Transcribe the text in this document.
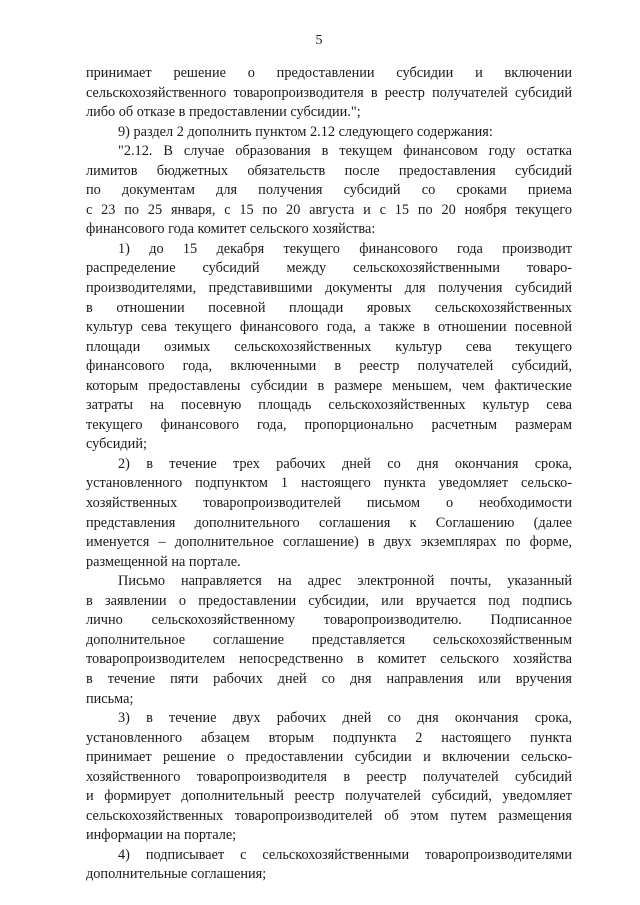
5
принимает решение о предоставлении субсидии и включении
сельскохозяйственного товаропроизводителя в реестр получателей субсидий
либо об отказе в предоставлении субсидии.";
9) раздел 2 дополнить пунктом 2.12 следующего содержания:
"2.12. В случае образования в текущем финансовом году остатка
лимитов бюджетных обязательств после предоставления субсидий
по документам для получения субсидий со сроками приема
с 23 по 25 января, с 15 по 20 августа и с 15 по 20 ноября текущего
финансового года комитет сельского хозяйства:
1) до 15 декабря текущего финансового года производит
распределение субсидий между сельскохозяйственными товаро-
производителями, представившими документы для получения субсидий
в отношении посевной площади яровых сельскохозяйственных
культур сева текущего финансового года, а также в отношении посевной
площади озимых сельскохозяйственных культур сева текущего
финансового года, включенными в реестр получателей субсидий,
которым предоставлены субсидии в размере меньшем, чем фактические
затраты на посевную площадь сельскохозяйственных культур сева
текущего финансового года, пропорционально расчетным размерам
субсидий;
2) в течение трех рабочих дней со дня окончания срока,
установленного подпунктом 1 настоящего пункта уведомляет сельско-
хозяйственных товаропроизводителей письмом о необходимости
представления дополнительного соглашения к Соглашению (далее
именуется – дополнительное соглашение) в двух экземплярах по форме,
размещенной на портале.
Письмо направляется на адрес электронной почты, указанный
в заявлении о предоставлении субсидии, или вручается под подпись
лично сельскохозяйственному товаропроизводителю. Подписанное
дополнительное соглашение представляется сельскохозяйственным
товаропроизводителем непосредственно в комитет сельского хозяйства
в течение пяти рабочих дней со дня направления или вручения
письма;
3) в течение двух рабочих дней со дня окончания срока,
установленного абзацем вторым подпункта 2 настоящего пункта
принимает решение о предоставлении субсидии и включении сельско-
хозяйственного товаропроизводителя в реестр получателей субсидий
и формирует дополнительный реестр получателей субсидий, уведомляет
сельскохозяйственных товаропроизводителей об этом путем размещения
информации на портале;
4) подписывает с сельскохозяйственными товаропроизводителями
дополнительные соглашения;
